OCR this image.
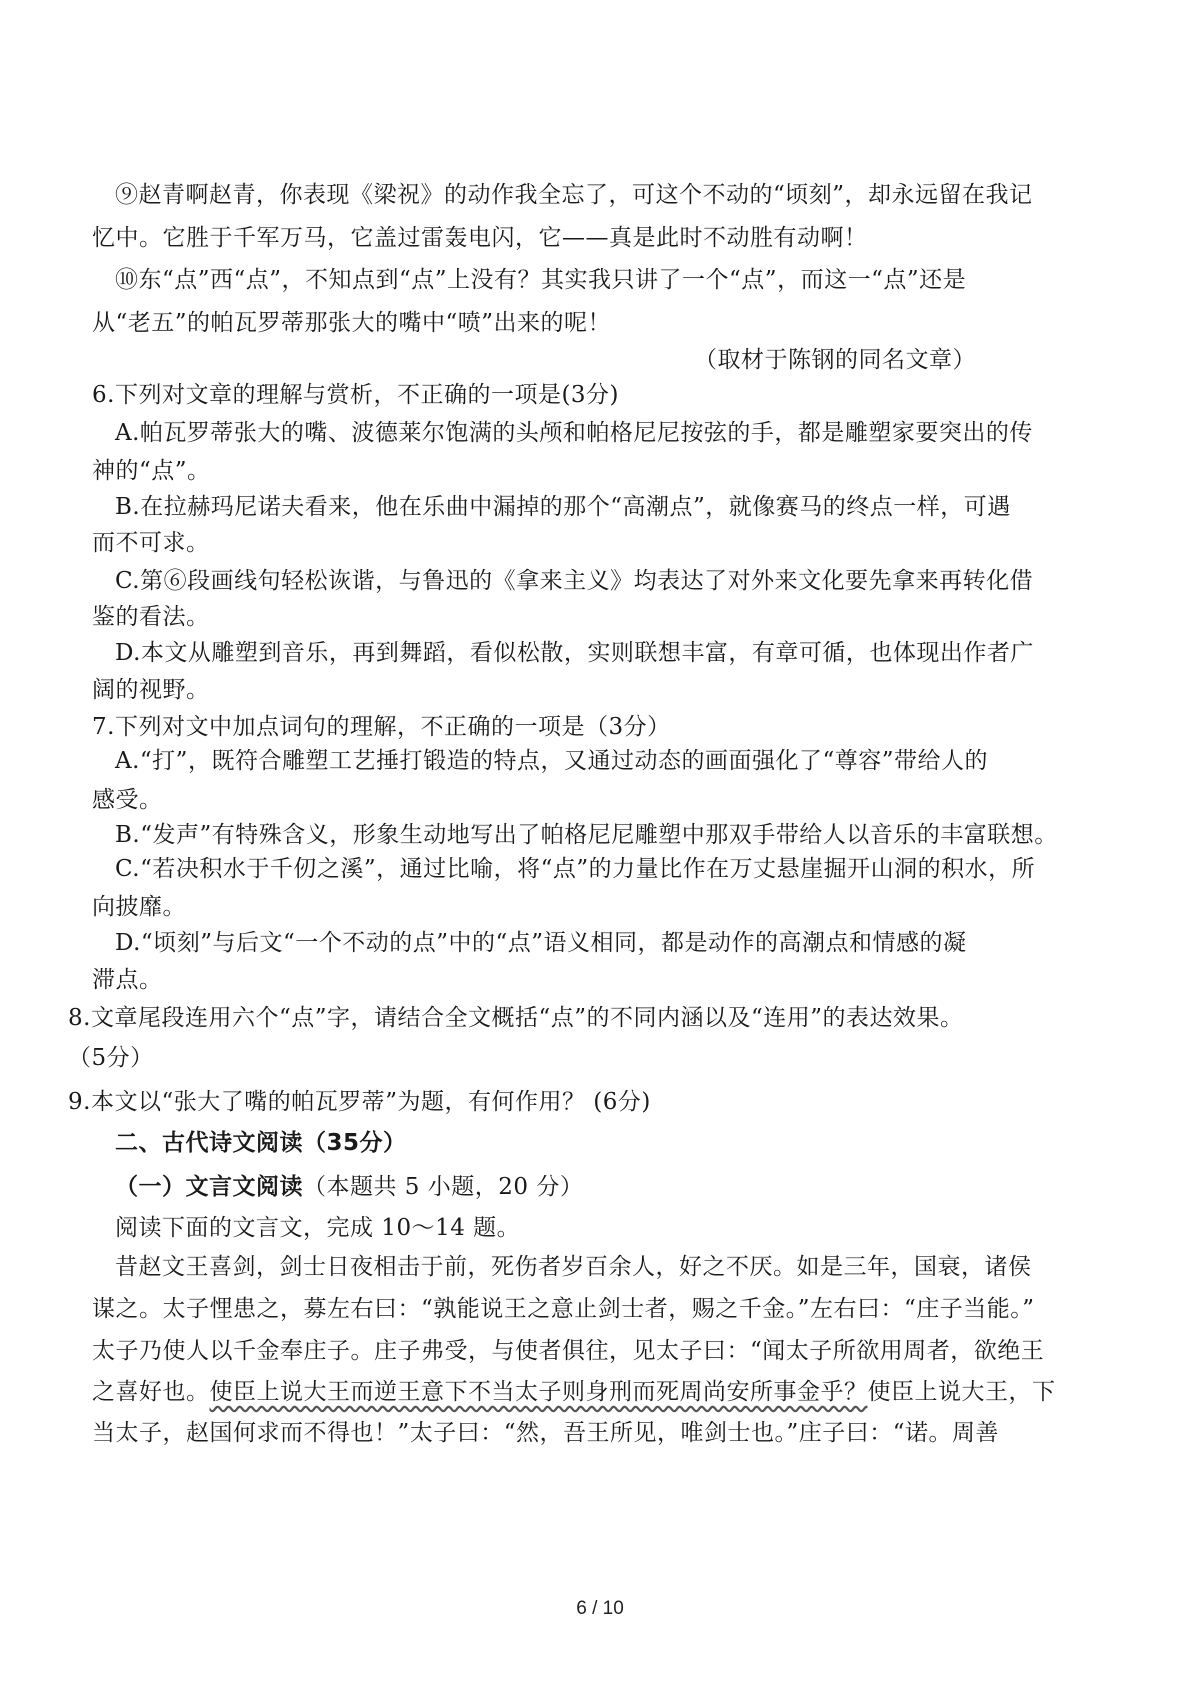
⑨赵青啊赵青，你表现《梁祝》的动作我全忘了，可这个不动的“顷刻”，却永远留在我记
忆中。它胜于千军万马，它盖过雷轰电闪，它——真是此时不动胜有动啊！
⑩东“点”西“点”，不知点到“点”上没有？其实我只讲了一个“点”，而这一“点”还是
从“老五”的帕瓦罗蒂那张大的嘴中“喷”出来的呢！
（取材于陈钢的同名文章）
6.下列对文章的理解与赏析，不正确的一项是(3分)
A.帕瓦罗蒂张大的嘴、波德莱尔饱满的头颅和帕格尼尼按弦的手，都是雕塑家要突出的传
神的“点”。
B.在拉赫玛尼诺夫看来，他在乐曲中漏掉的那个“高潮点”，就像赛马的终点一样，可遇
而不可求。
C.第⑥段画线句轻松诙谐，与鲁迅的《拿来主义》均表达了对外来文化要先拿来再转化借
鉴的看法。
D.本文从雕塑到音乐，再到舞蹈，看似松散，实则联想丰富，有章可循，也体现出作者广
阔的视野。
7.下列对文中加点词句的理解，不正确的一项是（3分）
A.“打”，既符合雕塑工艺捶打锻造的特点，又通过动态的画面强化了“尊容”带给人的
感受。
B.“发声”有特殊含义，形象生动地写出了帕格尼尼雕塑中那双手带给人以音乐的丰富联想。
C.“若决积水于千仞之溪”，通过比喻，将“点”的力量比作在万丈悬崖掘开山洞的积水，所
向披靡。
D.“顷刻”与后文“一个不动的点”中的“点”语义相同，都是动作的高潮点和情感的凝
滞点。
8.文章尾段连用六个“点”字，请结合全文概括“点”的不同内涵以及“连用”的表达效果。
（5分）
9.本文以“张大了嘴的帕瓦罗蒂”为题，有何作用？ (6分)
二、古代诗文阅读（35分）
（一）文言文阅读（本题共 5 小题，20 分）
阅读下面的文言文，完成 10～14 题。
昔赵文王喜剑，剑士日夜相击于前，死伤者岁百余人，好之不厌。如是三年，国衰，诸侯
谋之。太子悝患之，募左右曰：“孰能说王之意止剑士者，赐之千金。”左右曰：“庄子当能。”
太子乃使人以千金奉庄子。庄子弗受，与使者俱往，见太子曰：“闻太子所欲用周者，欲绝王
之喜好也。使臣上说大王而逆王意下不当太子则身刑而死周尚安所事金乎？使臣上说大王，下
当太子，赵国何求而不得也！”太子曰：“然，吾王所见，唯剑士也。”庄子曰：“诺。周善
6 / 10
